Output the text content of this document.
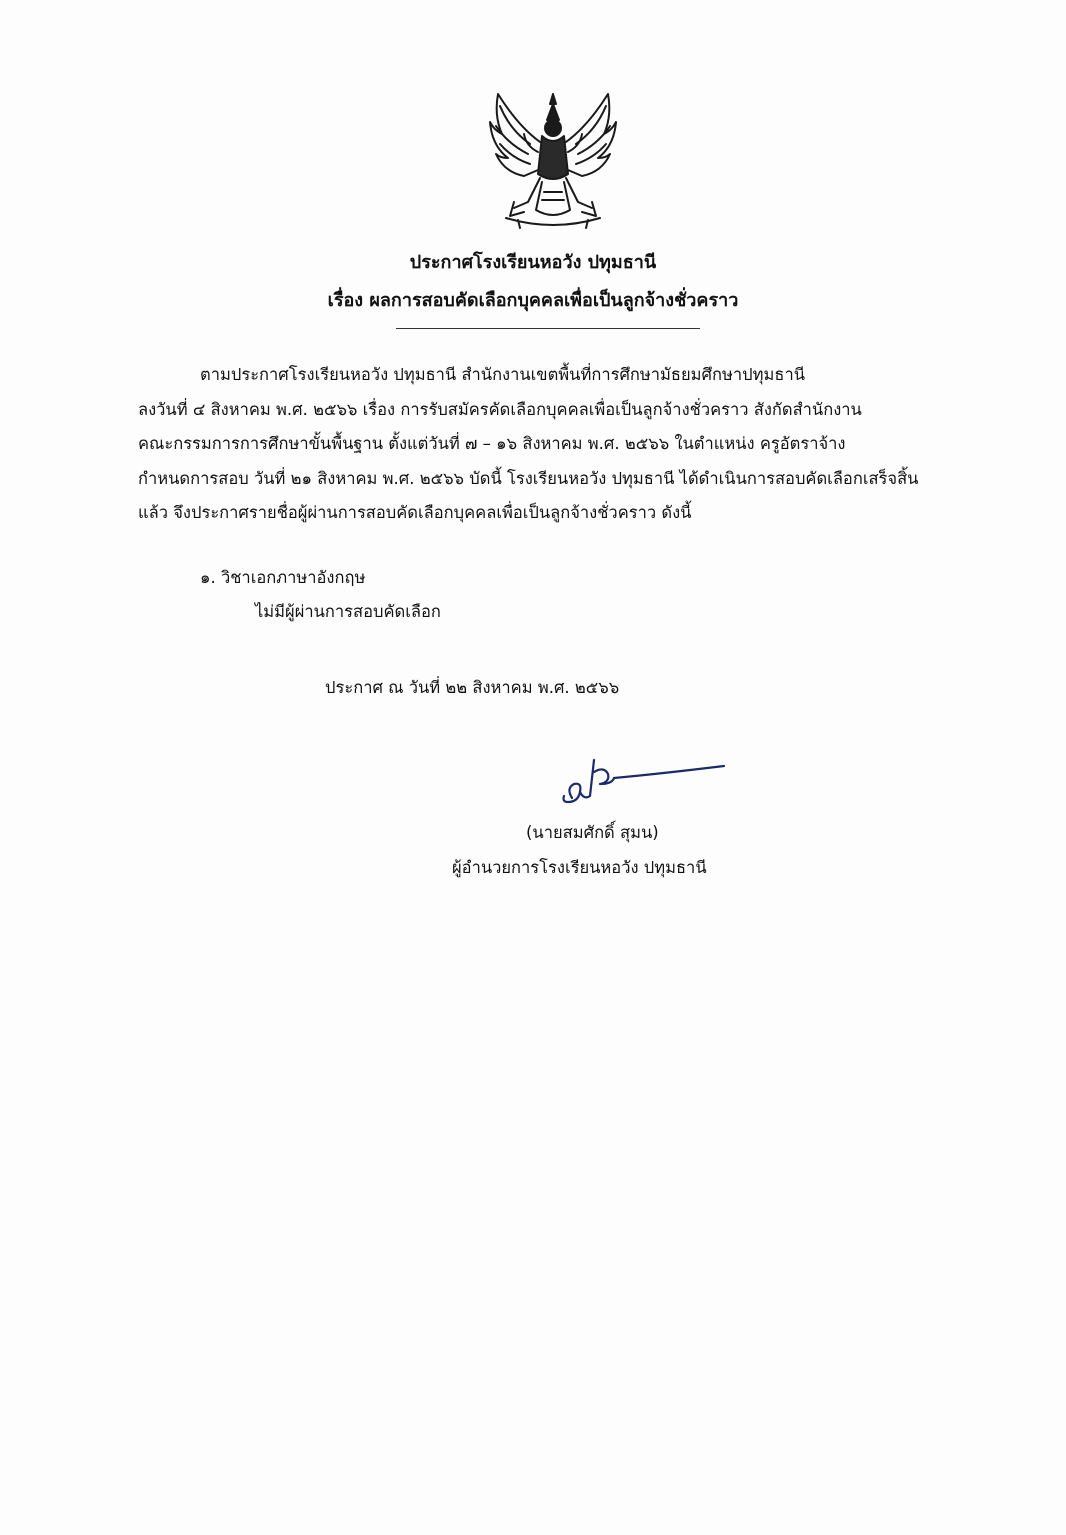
ประกาศโรงเรียนหอวัง ปทุมธานี
เรื่อง ผลการสอบคัดเลือกบุคคลเพื่อเป็นลูกจ้างชั่วคราว
ตามประกาศโรงเรียนหอวัง ปทุมธานี สำนักงานเขตพื้นที่การศึกษามัธยมศึกษาปทุมธานี
ลงวันที่ ๔ สิงหาคม พ.ศ. ๒๕๖๖ เรื่อง การรับสมัครคัดเลือกบุคคลเพื่อเป็นลูกจ้างชั่วคราว สังกัดสำนักงาน
คณะกรรมการการศึกษาขั้นพื้นฐาน ตั้งแต่วันที่ ๗ – ๑๖ สิงหาคม พ.ศ. ๒๕๖๖ ในตำแหน่ง ครูอัตราจ้าง
กำหนดการสอบ วันที่ ๒๑ สิงหาคม พ.ศ. ๒๕๖๖ บัดนี้ โรงเรียนหอวัง ปทุมธานี ได้ดำเนินการสอบคัดเลือกเสร็จสิ้น
แล้ว จึงประกาศรายชื่อผู้ผ่านการสอบคัดเลือกบุคคลเพื่อเป็นลูกจ้างชั่วคราว ดังนี้
๑. วิชาเอกภาษาอังกฤษ
ไม่มีผู้ผ่านการสอบคัดเลือก
ประกาศ ณ วันที่ ๒๒ สิงหาคม พ.ศ. ๒๕๖๖
(นายสมศักดิ์ สุมน)
ผู้อำนวยการโรงเรียนหอวัง ปทุมธานี
